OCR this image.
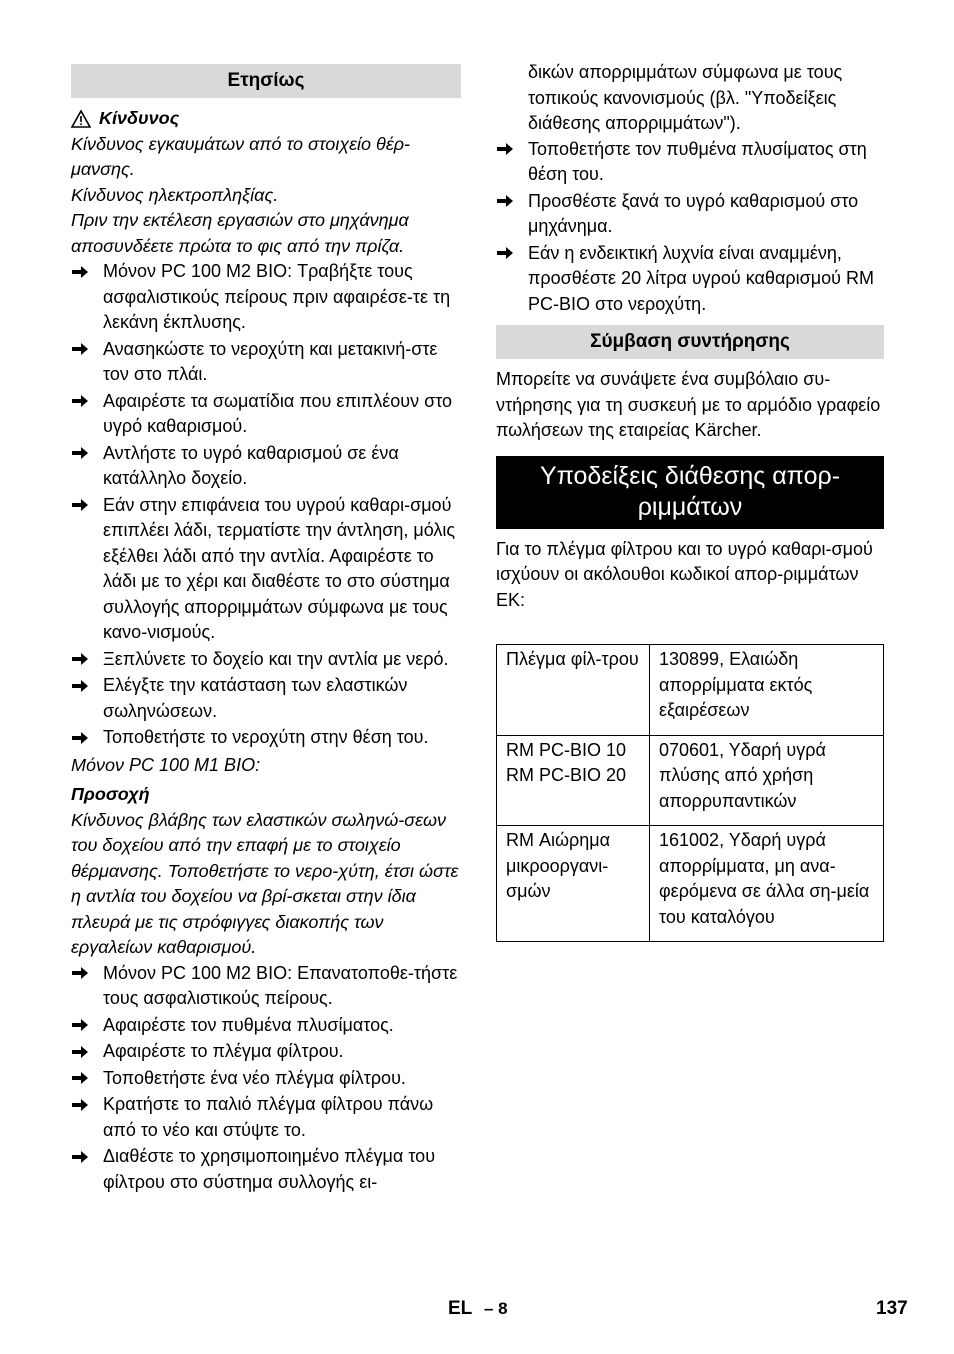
Ετησίως
Κίνδυνος

Κίνδυνος εγκαυμάτων από το στοιχείο θέρ-μανσης.

Κίνδυνος ηλεκτροπληξίας.

Πριν την εκτέλεση εργασιών στο μηχάνημα αποσυνδέετε πρώτα το φις από την πρίζα.

Μόνον PC 100 M2 BIO: Τραβήξτε τους ασφαλιστικούς πείρους πριν αφαιρέσε-τε τη λεκάνη έκπλυσης.
Ανασηκώστε το νεροχύτη και μετακινή-στε τον στο πλάι.
Αφαιρέστε τα σωματίδια που επιπλέουν στο υγρό καθαρισμού.
Αντλήστε το υγρό καθαρισμού σε ένα κατάλληλο δοχείο.
Εάν στην επιφάνεια του υγρού καθαρι-σμού επιπλέει λάδι, τερματίστε την άντληση, μόλις εξέλθει λάδι από την αντλία. Αφαιρέστε το λάδι με το χέρι και διαθέστε το στο σύστημα συλλογής απορριμμάτων σύμφωνα με τους κανο-νισμούς.
Ξεπλύνετε το δοχείο και την αντλία με νερό.
Ελέγξτε την κατάσταση των ελαστικών σωληνώσεων.
Τοποθετήστε το νεροχύτη στην θέση του.

Μόνον PC 100 M1 BIO:

Προσοχή

Κίνδυνος βλάβης των ελαστικών σωληνώ-σεων του δοχείου από την επαφή με το στοιχείο θέρμανσης. Τοποθετήστε το νερο-χύτη, έτσι ώστε η αντλία του δοχείου να βρί-σκεται στην ίδια πλευρά με τις στρόφιγγες διακοπής των εργαλείων καθαρισμού.

Μόνον PC 100 M2 BIO: Επανατοποθε-τήστε τους ασφαλιστικούς πείρους.
Αφαιρέστε τον πυθμένα πλυσίματος.
Αφαιρέστε το πλέγμα φίλτρου.
Τοποθετήστε ένα νέο πλέγμα φίλτρου.
Κρατήστε το παλιό πλέγμα φίλτρου πάνω από το νέο και στύψτε το.
Διαθέστε το χρησιμοποιημένο πλέγμα του φίλτρου στο σύστημα συλλογής ει-

δικών απορριμμάτων σύμφωνα με τους τοπικούς κανονισμούς (βλ. "Υποδείξεις διάθεσης απορριμμάτων").

Τοποθετήστε τον πυθμένα πλυσίματος στη θέση του.
Προσθέστε ξανά το υγρό καθαρισμού στο μηχάνημα.
Εάν η ενδεικτική λυχνία είναι αναμμένη, προσθέστε 20 λίτρα υγρού καθαρισμού RM PC-BIO στο νεροχύτη.
Σύμβαση συντήρησης

Μπορείτε να συνάψετε ένα συμβόλαιο συ-ντήρησης για τη συσκευή με το αρμόδιο γραφείο πωλήσεων της εταιρείας Kärcher.

Υποδείξεις διάθεσης απορ-
ριμμάτων

Για το πλέγμα φίλτρου και το υγρό καθαρι-σμού ισχύουν οι ακόλουθοι κωδικοί απορ-ριμμάτων ΕΚ:

Πλέγμα φίλ-τρου	130899, Ελαιώδη απορρίμματα εκτός εξαιρέσεων
RM PC-BIO 10 RM PC-BIO 20	070601, Υδαρή υγρά πλύσης από χρήση απορρυπαντικών
RM Αιώρημα μικροοργανι-σμών	161002, Υδαρή υγρά απορρίμματα, μη ανα-φερόμενα σε άλλα ση-μεία του καταλόγου
EL – 8	137
